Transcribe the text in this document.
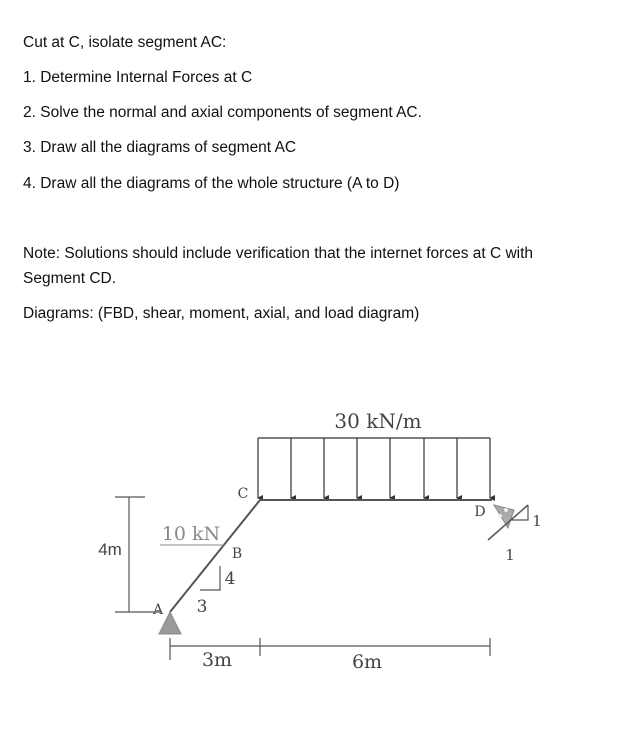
Cut at C, isolate segment AC:
1. Determine Internal Forces at C
2. Solve the normal and axial components of segment AC.
3. Draw all the diagrams of segment AC
4. Draw all the diagrams of the whole structure (A to D)
Note: Solutions should include verification that the internet forces at C with
Segment CD.
Diagrams: (FBD, shear, moment, axial, and load diagram)
30 kN/m
4
3
10 kN
B
C
D
A
1
1
4m
3m	6m
